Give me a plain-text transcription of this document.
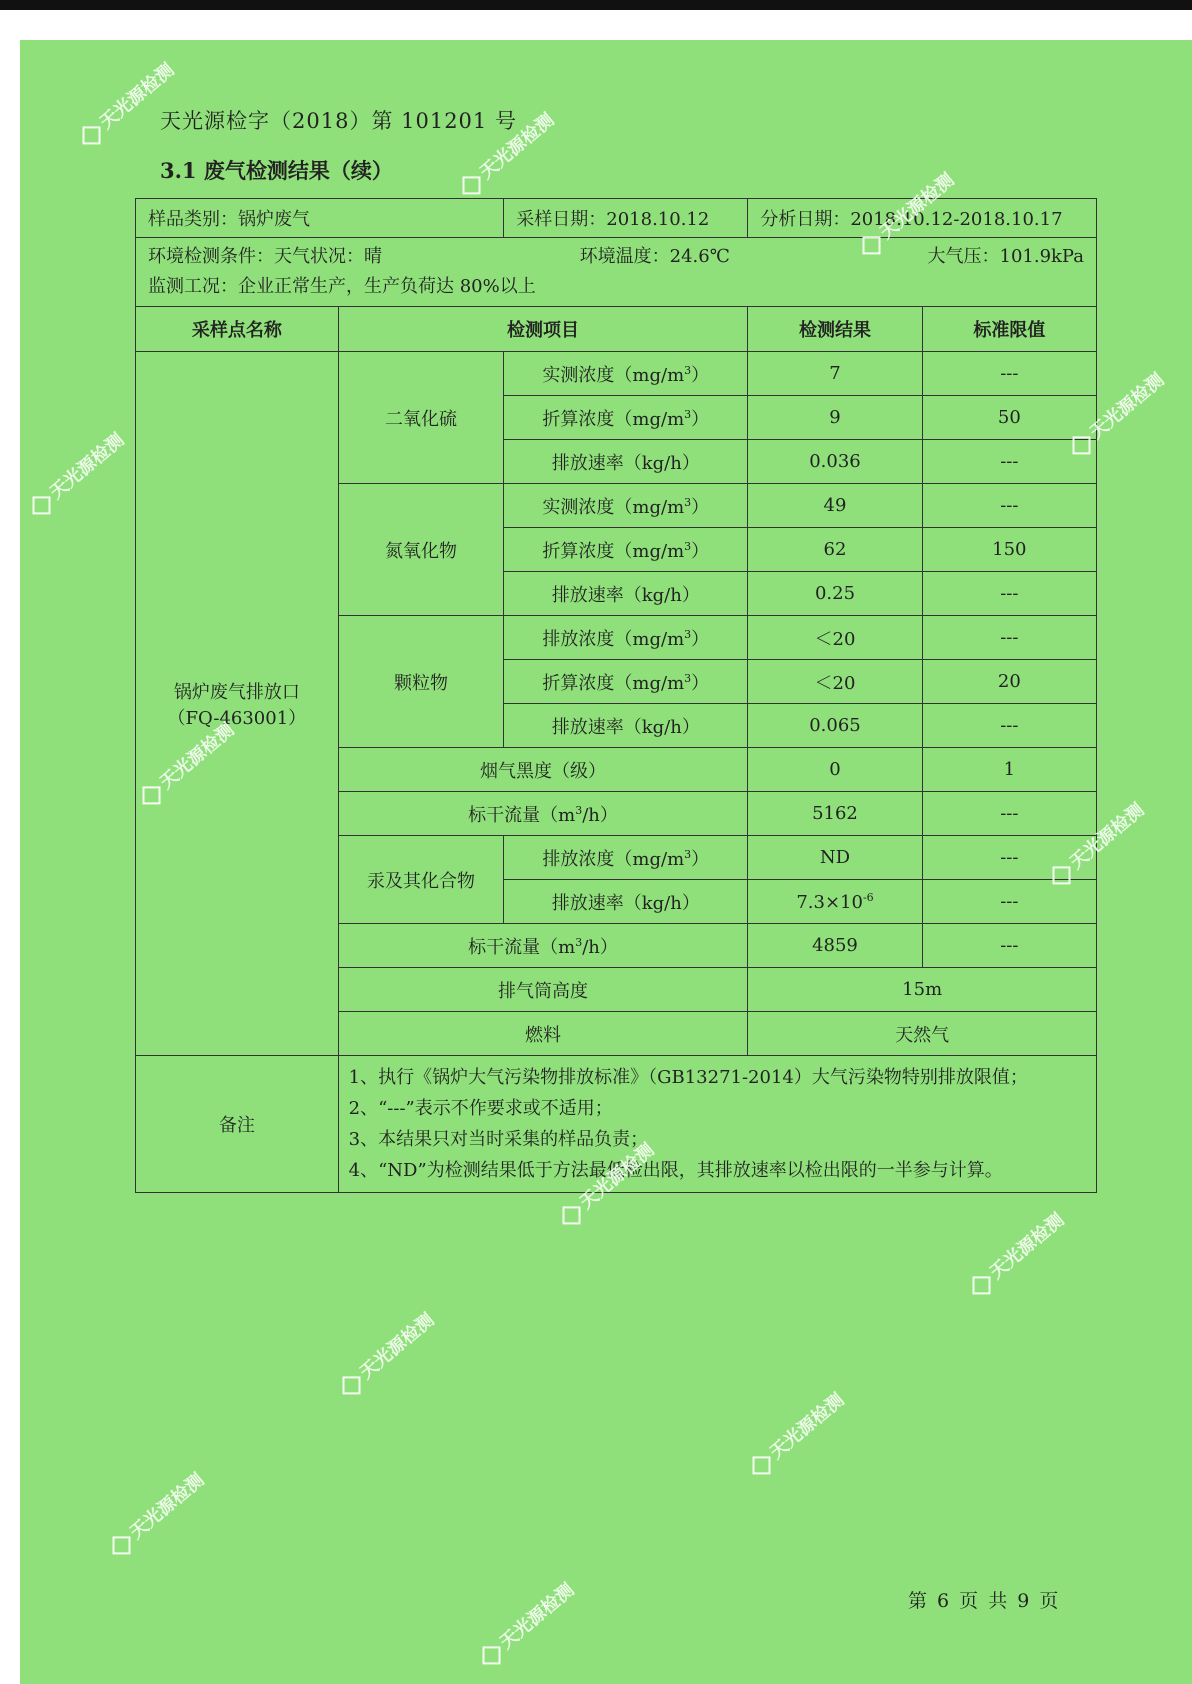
天光源检字（2018）第 101201 号
3.1 废气检测结果（续）
样品类别：锅炉废气		采样日期：2018.10.12	分析日期：2018.10.12-2018.10.17	

环境检测条件：天气状况：晴 环境温度：24.6℃ 大气压：101.9kPa
监测工况：企业正常生产，生产负荷达 80%以上				

采样点名称	检测项目		检测结果	标准限值

锅炉废气排放口
（FQ-463001）	二氧化硫	实测浓度$(mg/m^3)$	7	---
		折算浓度$(mg/m^3)$	9	50
		排放速率（kg/h）	0.036	---
	氮氧化物	实测浓度$(mg/m^3)$	49	---
		折算浓度$(mg/m^3)$	62	150
		排放速率（kg/h）	0.25	---
	颗粒物	排放浓度$(mg/m^3)$	＜20	---
		折算浓度$(mg/m^3)$	＜20	20
		排放速率（kg/h）	0.065	---
	烟气黑度（级）		0	1
	标干流量$(m^3/h)$		5162	---
	汞及其化合物	排放浓度$(mg/m^3)$	ND	---
		排放速率（kg/h）	$7.3\times 10^{-6}$	---
	标干流量$(m^3/h)$		4859	---
	排气筒高度		15m	
	燃料		天然气	
备注	1、执行《锅炉大气污染物排放标准》（GB13271-2014）大气污染物特别排放限值；
2、“---”表示不作要求或不适用；
3、本结果只对当时采集的样品负责；
4、“ND”为检测结果低于方法最低检出限，其排放速率以检出限的一半参与计算。			
第 6 页 共 9 页
天光源检测
天光源检测
天光源检测
天光源检测
天光源检测
天光源检测
天光源检测
天光源检测
天光源检测
天光源检测
天光源检测
天光源检测
天光源检测
